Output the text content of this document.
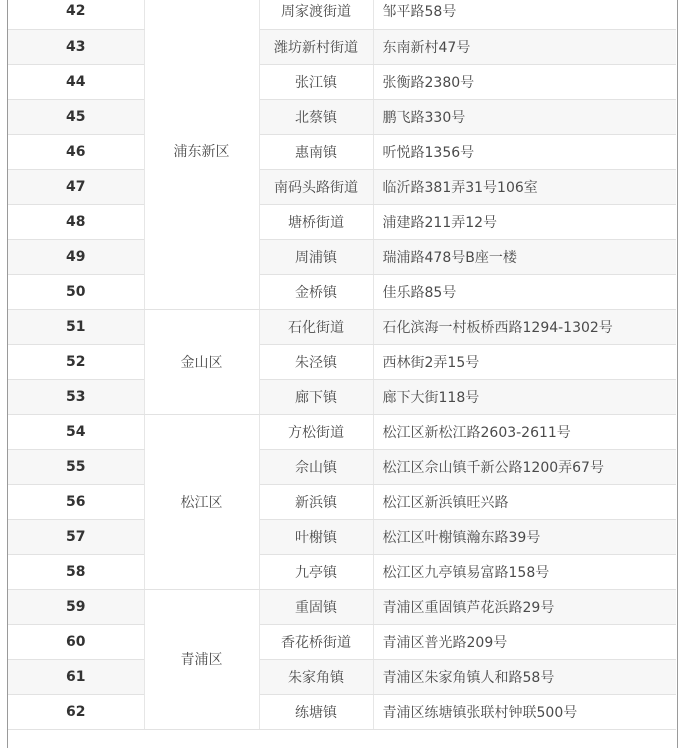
42	浦东新区	周家渡街道	邹平路58号
43		潍坊新村街道	东南新村47号
44		张江镇	张衡路2380号
45		北蔡镇	鹏飞路330号
46		惠南镇	听悦路1356号
47		南码头路街道	临沂路381弄31号106室
48		塘桥街道	浦建路211弄12号
49		周浦镇	瑞浦路478号B座一楼
50		金桥镇	佳乐路85号
51	金山区	石化街道	石化滨海一村板桥西路1294-1302号
52		朱泾镇	西林街2弄15号
53		廊下镇	廊下大街118号
54	松江区	方松街道	松江区新松江路2603-2611号
55		佘山镇	松江区佘山镇千新公路1200弄67号
56		新浜镇	松江区新浜镇旺兴路
57		叶榭镇	松江区叶榭镇瀚东路39号
58		九亭镇	松江区九亭镇易富路158号
59	青浦区	重固镇	青浦区重固镇芦花浜路29号
60		香花桥街道	青浦区普光路209号
61		朱家角镇	青浦区朱家角镇人和路58号
62		练塘镇	青浦区练塘镇张联村钟联500号
